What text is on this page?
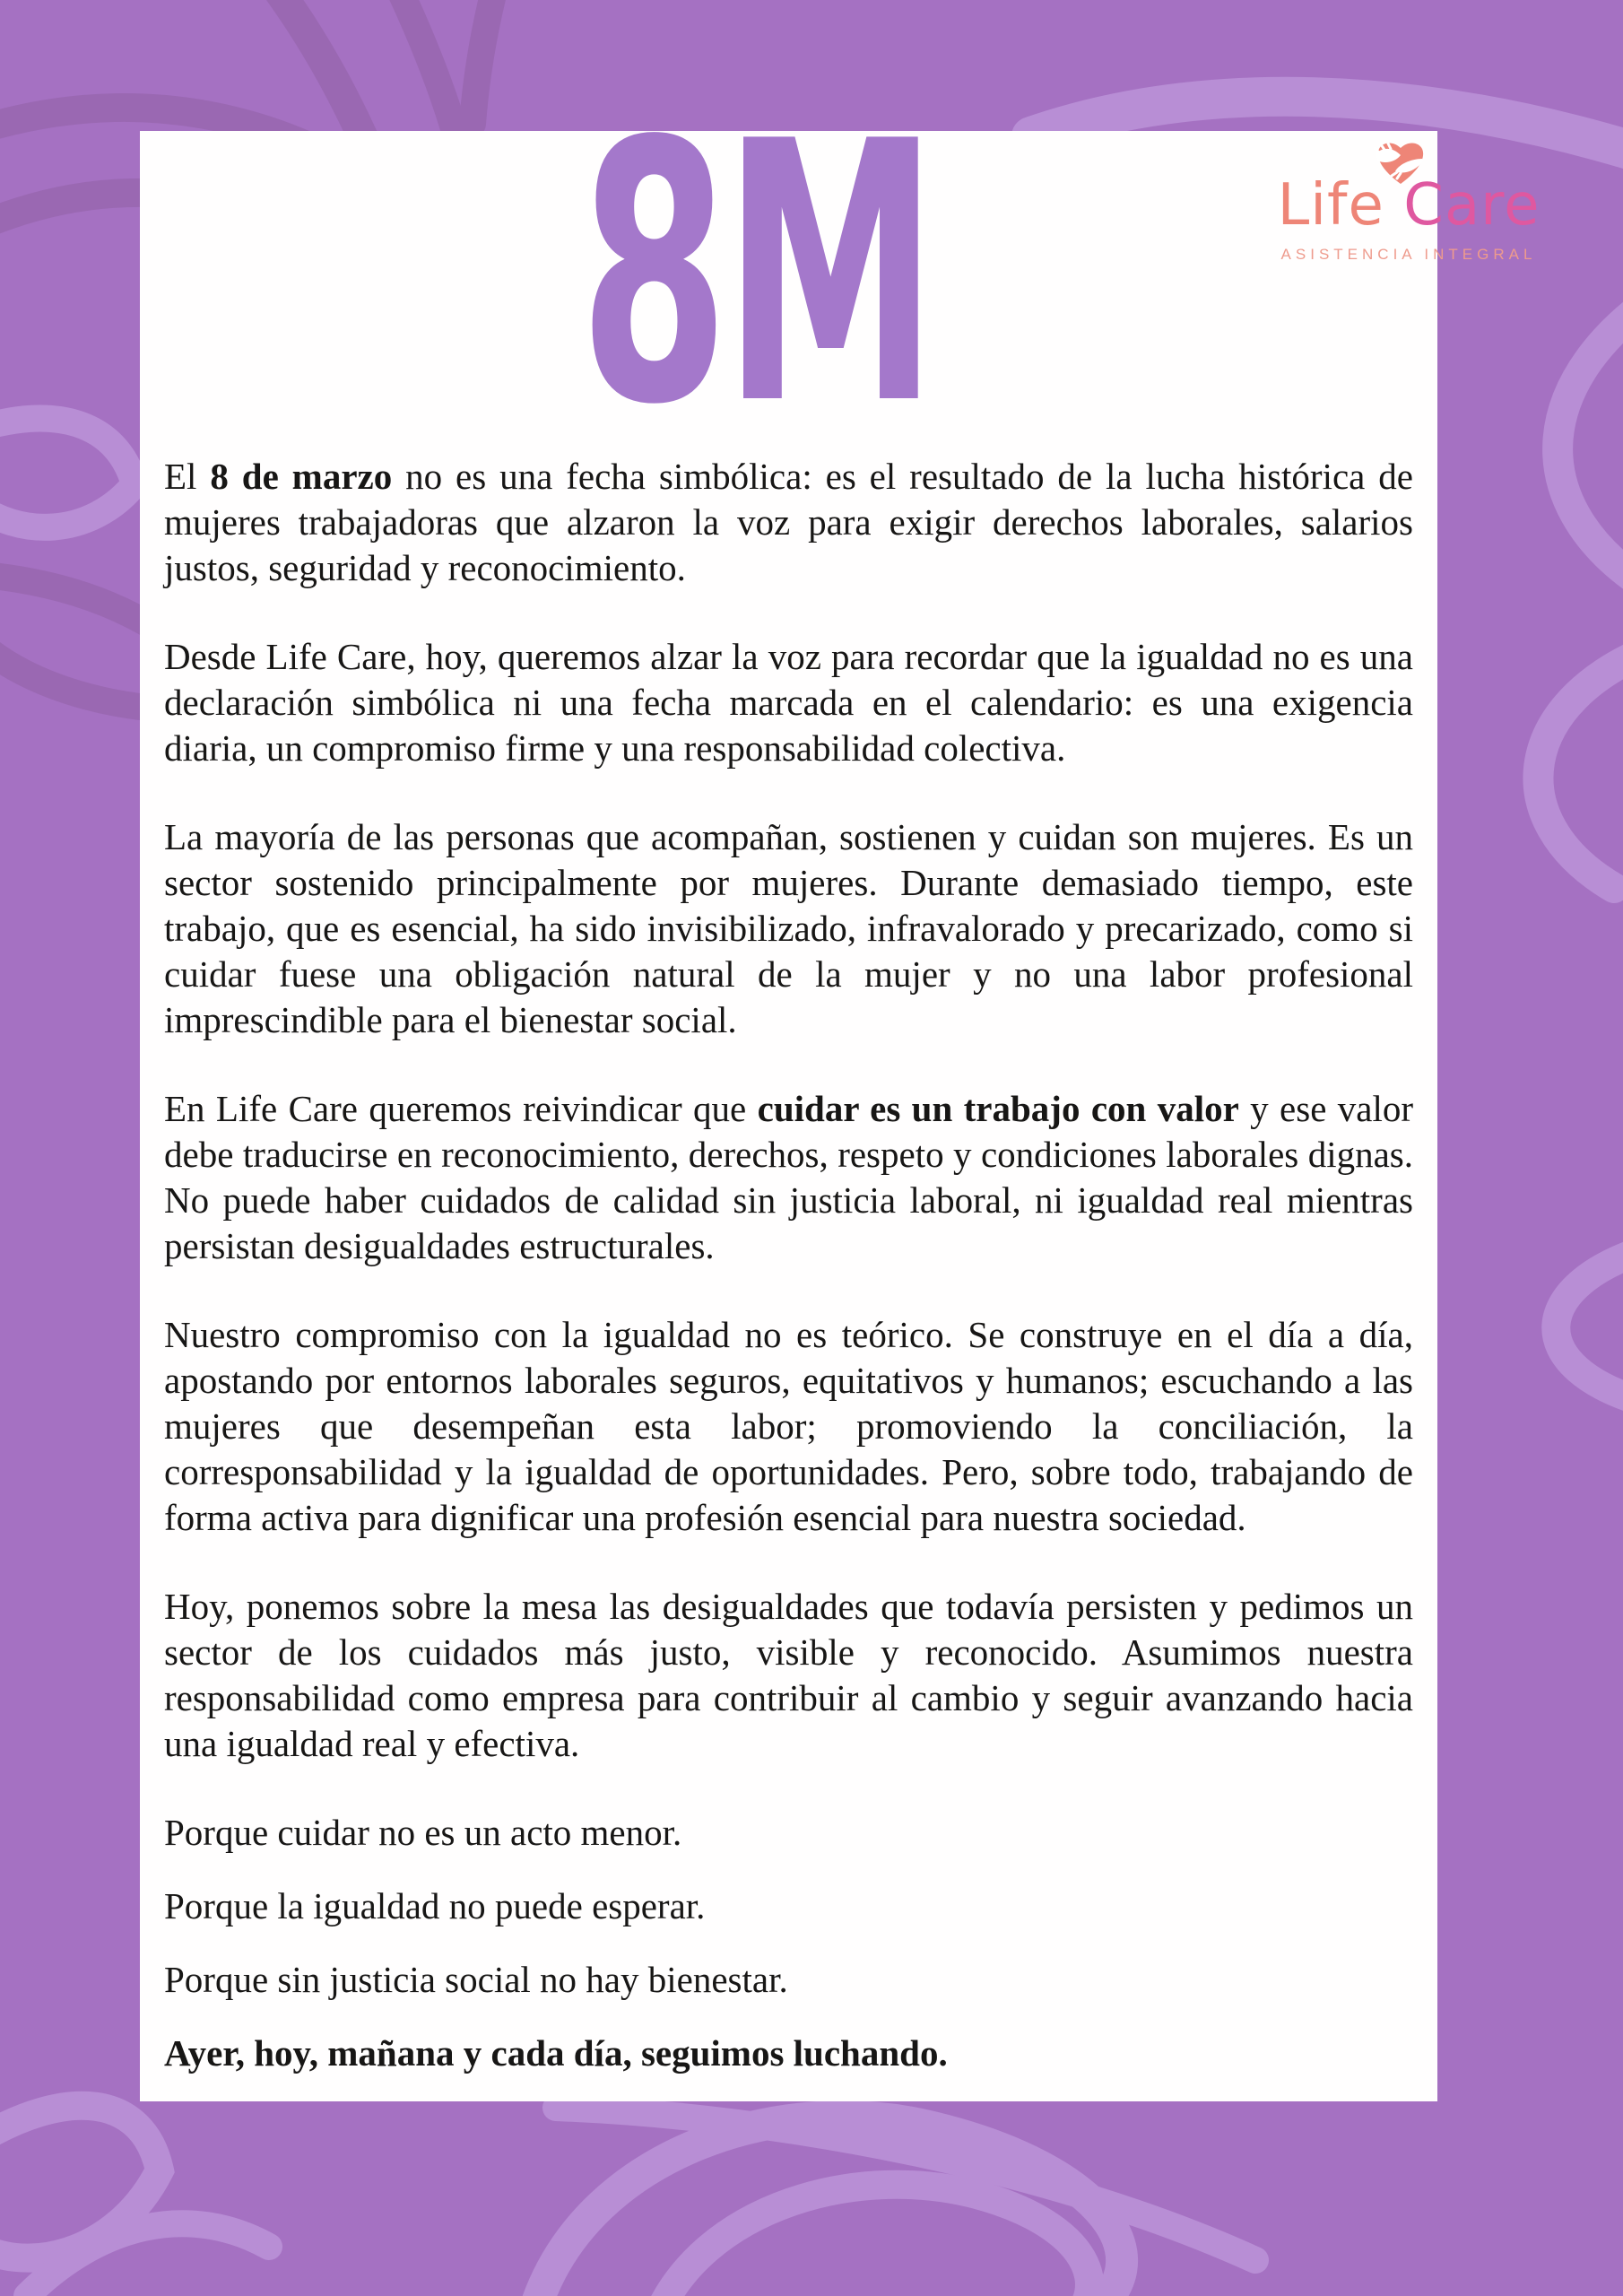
8M	Life Care
ASISTENCIA INTEGRAL

El 8 de marzo no es una fecha simbólica: es el resultado de la lucha histórica de mujeres trabajadoras que alzaron la voz para exigir derechos laborales, salarios justos, seguridad y reconocimiento.

Desde Life Care, hoy, queremos alzar la voz para recordar que la igualdad no es una declaración simbólica ni una fecha marcada en el calendario: es una exigencia diaria, un compromiso firme y una responsabilidad colectiva.

La mayoría de las personas que acompañan, sostienen y cuidan son mujeres. Es un sector sostenido principalmente por mujeres. Durante demasiado tiempo, este trabajo, que es esencial, ha sido invisibilizado, infravalorado y precarizado, como si cuidar fuese una obligación natural de la mujer y no una labor profesional imprescindible para el bienestar social.

En Life Care queremos reivindicar que cuidar es un trabajo con valor y ese valor debe traducirse en reconocimiento, derechos, respeto y condiciones laborales dignas. No puede haber cuidados de calidad sin justicia laboral, ni igualdad real mientras persistan desigualdades estructurales.

Nuestro compromiso con la igualdad no es teórico. Se construye en el día a día, apostando por entornos laborales seguros, equitativos y humanos; escuchando a las mujeres que desempeñan esta labor; promoviendo la conciliación, la corresponsabilidad y la igualdad de oportunidades. Pero, sobre todo, trabajando de forma activa para dignificar una profesión esencial para nuestra sociedad.

Hoy, ponemos sobre la mesa las desigualdades que todavía persisten y pedimos un sector de los cuidados más justo, visible y reconocido. Asumimos nuestra responsabilidad como empresa para contribuir al cambio y seguir avanzando hacia una igualdad real y efectiva.

Porque cuidar no es un acto menor.

Porque la igualdad no puede esperar.

Porque sin justicia social no hay bienestar.

Ayer, hoy, mañana y cada día, seguimos luchando.
